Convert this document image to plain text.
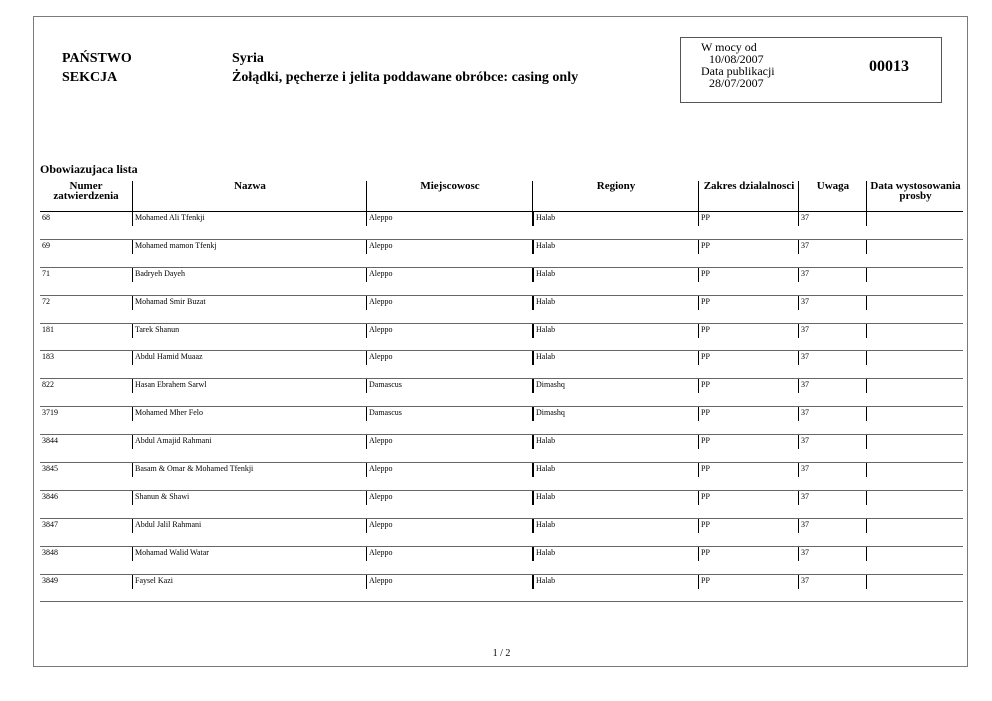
PAŃSTWO
SEKCJA
Syria
Żołądki, pęcherze i jelita poddawane obróbce: casing only
W mocy od
10/08/2007
Data publikacji
28/07/2007
00013
Obowiazujaca lista
Numer
zatwierdzenia
Nazwa	Miejscowosc	Regiony	Zakres dzialalnosci	Uwaga	Data wystosowania
prosby
68	Mohamed Ali Tfenkji	Aleppo	Halab	PP	37
69	Mohamed mamon Tfenkj	Aleppo	Halab	PP	37
71	Badryeh Dayeh	Aleppo	Halab	PP	37
72	Mohamad Smir Buzat	Aleppo	Halab	PP	37
181	Tarek Shanun	Aleppo	Halab	PP	37
183	Abdul Hamid Muaaz	Aleppo	Halab	PP	37
822	Hasan Ebrahem Sarwl	Damascus	Dimashq	PP	37
3719	Mohamed Mher Felo	Damascus	Dimashq	PP	37
3844	Abdul Amajid Rahmani	Aleppo	Halab	PP	37
3845	Basam & Omar & Mohamed Tfenkji	Aleppo	Halab	PP	37
3846	Shanun & Shawi	Aleppo	Halab	PP	37
3847	Abdul Jalil Rahmani	Aleppo	Halab	PP	37
3848	Mohamad Walid Watar	Aleppo	Halab	PP	37
3849	Faysel Kazi	Aleppo	Halab	PP	37
1 / 2
